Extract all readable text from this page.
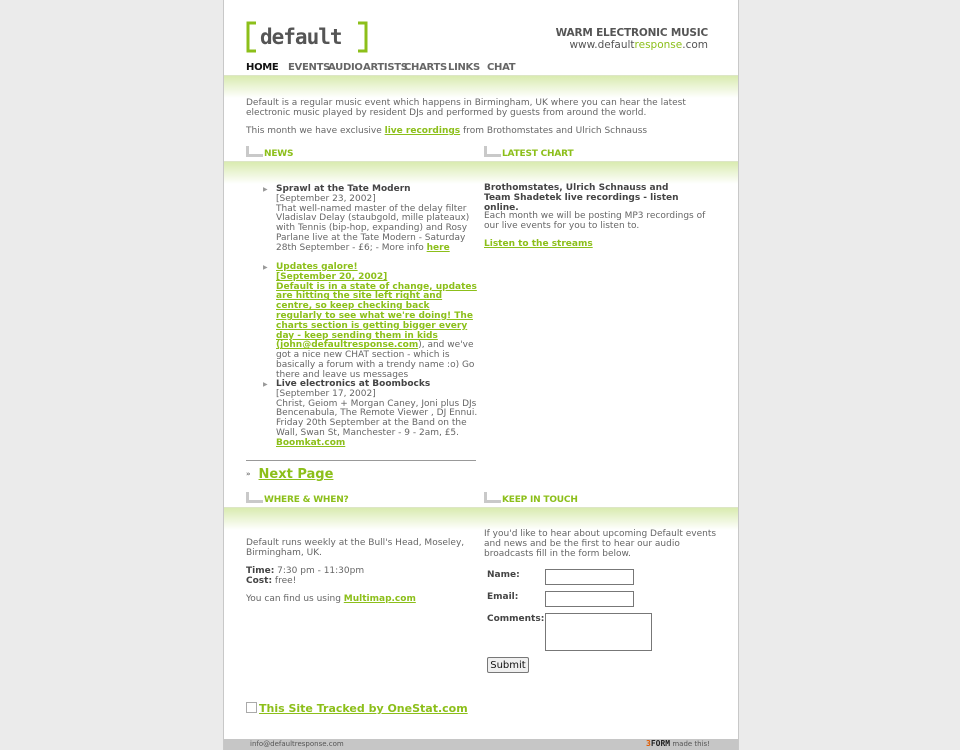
default	WARM ELECTRONIC MUSIC
www.defaultresponse.com
HOME EVENTS
AUDIO ARTISTS
CHARTS LINKS CHAT
Default is a regular music event which happens in Birmingham, UK where you can hear the latest electronic music played by resident DJs and performed by guests from around the world.
This month we have exclusive live recordings from Brothomstates and Ulrich Schnauss
NEWS	LATEST CHART
▶ Sprawl at the Tate Modern
[September 23, 2002]
That well-named master of the delay filter Vladislav Delay (staubgold, mille plateaux) with Tennis (bip-hop, expanding) and Rosy Parlane live at the Tate Modern - Saturday 28th September - £6; - More info here
▶ Updates galore!
[September 20, 2002]
Default is in a state of change, updates are hitting the site left right and centre, so keep checking back regularly to see what we're doing! The charts section is getting bigger every day - keep sending them in kids (john@defaultresponse.com), and we've got a nice new CHAT section - which is basically a forum with a trendy name :o) Go there and leave us messages
▶ Live electronics at Boombocks
[September 17, 2002]
Christ, Geiom + Morgan Caney, Joni plus DJs Bencenabula, The Remote Viewer , DJ Ennui. Friday 20th September at the Band on the Wall, Swan St, Manchester - 9 - 2am, £5.
Boomkat.com
» Next Page
Brothomstates, Ulrich Schnauss and Team Shadetek live recordings - listen online.
Each month we will be posting MP3 recordings of our live events for you to listen to.
Listen to the streams
WHERE & WHEN?	KEEP IN TOUCH
Default runs weekly at the Bull's Head, Moseley, Birmingham, UK.
Time: 7:30 pm - 11:30pm
Cost: free!
You can find us using Multimap.com
If you'd like to hear about upcoming Default events and news and be the first to hear our audio broadcasts fill in the form below.
Name:
Email:
Comments:
Submit
This Site Tracked by OneStat.com
info@defaultresponse.com	3FORM made this!
